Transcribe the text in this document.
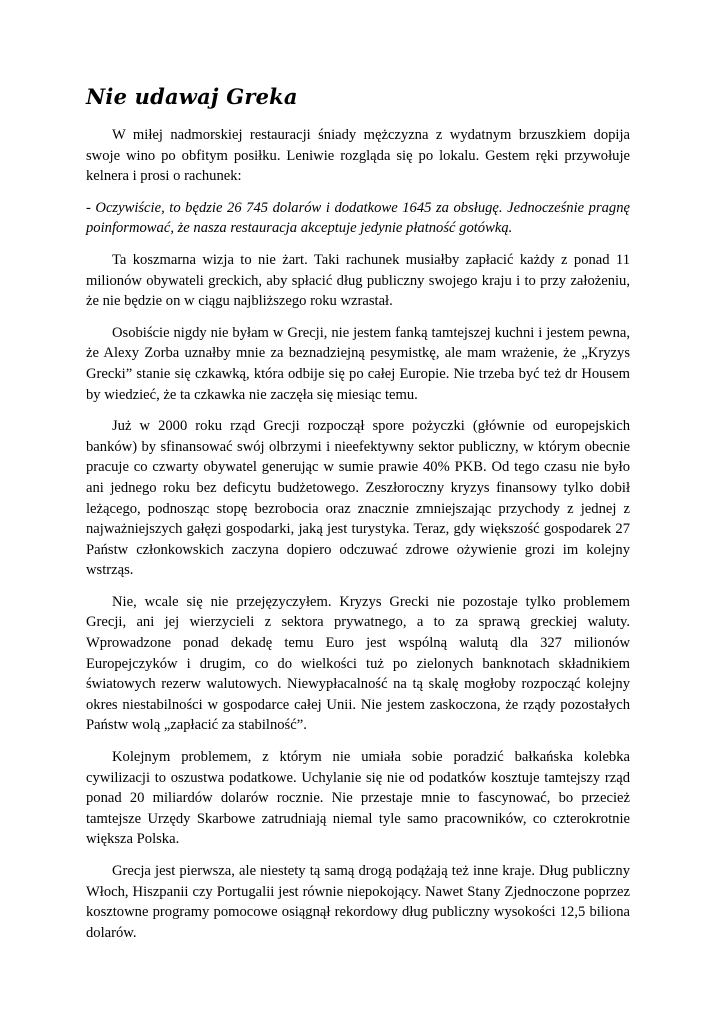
Nie udawaj Greka

W miłej nadmorskiej restauracji śniady mężczyzna z wydatnym brzuszkiem dopija swoje wino po obfitym posiłku. Leniwie rozgląda się po lokalu. Gestem ręki przywołuje kelnera i prosi o rachunek:

- Oczywiście, to będzie 26 745 dolarów i dodatkowe 1645 za obsługę. Jednocześnie pragnę poinformować, że nasza restauracja akceptuje jedynie płatność gotówką.

Ta koszmarna wizja to nie żart. Taki rachunek musiałby zapłacić każdy z ponad 11 milionów obywateli greckich, aby spłacić dług publiczny swojego kraju i to przy założeniu, że nie będzie on w ciągu najbliższego roku wzrastał.

Osobiście nigdy nie byłam w Grecji, nie jestem fanką tamtejszej kuchni i jestem pewna, że Alexy Zorba uznałby mnie za beznadziejną pesymistkę, ale mam wrażenie, że „Kryzys Grecki” stanie się czkawką, która odbije się po całej Europie. Nie trzeba być też dr Housem by wiedzieć, że ta czkawka nie zaczęła się miesiąc temu.

Już w 2000 roku rząd Grecji rozpoczął spore pożyczki (głównie od europejskich banków) by sfinansować swój olbrzymi i nieefektywny sektor publiczny, w którym obecnie pracuje co czwarty obywatel generując w sumie prawie 40% PKB. Od tego czasu nie było ani jednego roku bez deficytu budżetowego. Zeszłoroczny kryzys finansowy tylko dobił leżącego, podnosząc stopę bezrobocia oraz znacznie zmniejszając przychody z jednej z najważniejszych gałęzi gospodarki, jaką jest turystyka. Teraz, gdy większość gospodarek 27 Państw członkowskich zaczyna dopiero odczuwać zdrowe ożywienie grozi im kolejny wstrząs.

Nie, wcale się nie przejęzyczyłem. Kryzys Grecki nie pozostaje tylko problemem Grecji, ani jej wierzycieli z sektora prywatnego, a to za sprawą greckiej waluty. Wprowadzone ponad dekadę temu Euro jest wspólną walutą dla 327 milionów Europejczyków i drugim, co do wielkości tuż po zielonych banknotach składnikiem światowych rezerw walutowych. Niewypłacalność na tą skalę mogłoby rozpocząć kolejny okres niestabilności w gospodarce całej Unii. Nie jestem zaskoczona, że rządy pozostałych Państw wolą „zapłacić za stabilność”.

Kolejnym problemem, z którym nie umiała sobie poradzić bałkańska kolebka cywilizacji to oszustwa podatkowe. Uchylanie się nie od podatków kosztuje tamtejszy rząd ponad 20 miliardów dolarów rocznie. Nie przestaje mnie to fascynować, bo przecież tamtejsze Urzędy Skarbowe zatrudniają niemal tyle samo pracowników, co czterokrotnie większa Polska.

Grecja jest pierwsza, ale niestety tą samą drogą podążają też inne kraje. Dług publiczny Włoch, Hiszpanii czy Portugalii jest równie niepokojący. Nawet Stany Zjednoczone poprzez kosztowne programy pomocowe osiągnął rekordowy dług publiczny wysokości 12,5 biliona dolarów.
